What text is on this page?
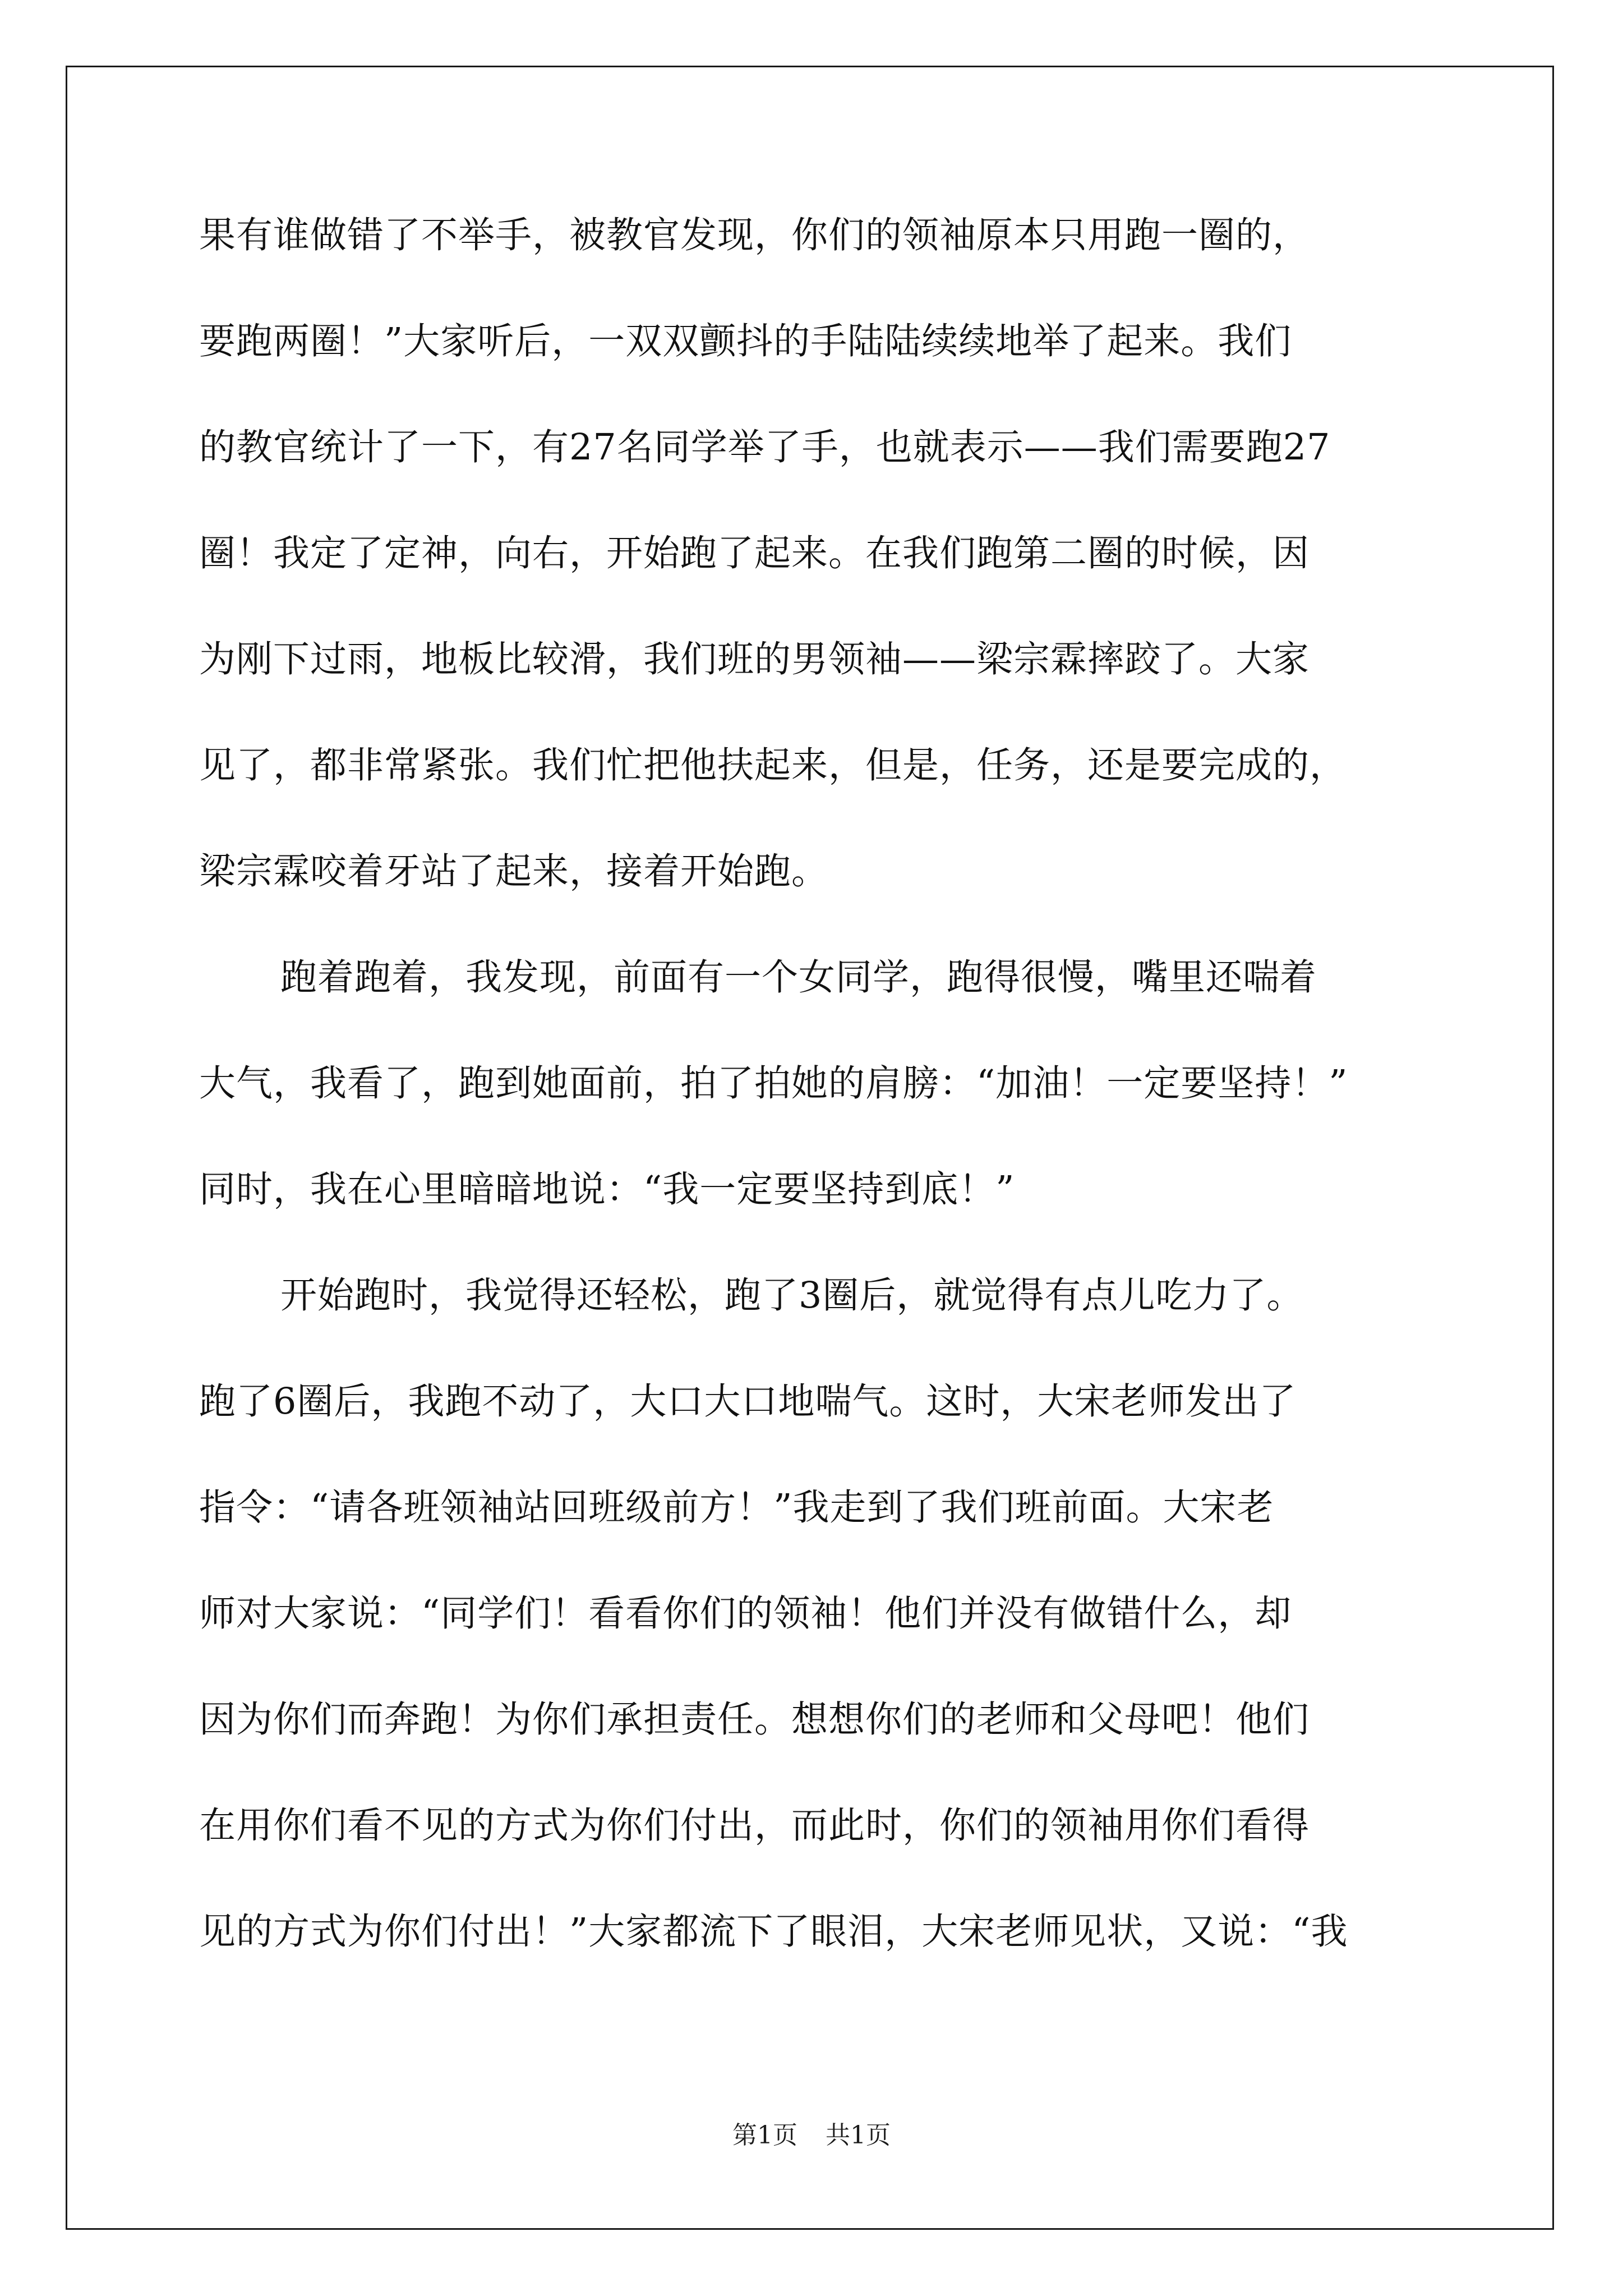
果有谁做错了不举手，被教官发现，你们的领袖原本只用跑一圈的，
要跑两圈！”大家听后，一双双颤抖的手陆陆续续地举了起来。我们
的教官统计了一下，有27名同学举了手，也就表示——我们需要跑27
圈！我定了定神，向右，开始跑了起来。在我们跑第二圈的时候，因
为刚下过雨，地板比较滑，我们班的男领袖——梁宗霖摔跤了。大家
见了，都非常紧张。我们忙把他扶起来，但是，任务，还是要完成的，
梁宗霖咬着牙站了起来，接着开始跑。
跑着跑着，我发现，前面有一个女同学，跑得很慢，嘴里还喘着
大气，我看了，跑到她面前，拍了拍她的肩膀：“加油！一定要坚持！”
同时，我在心里暗暗地说：“我一定要坚持到底！”
开始跑时，我觉得还轻松，跑了3圈后，就觉得有点儿吃力了。
跑了6圈后，我跑不动了，大口大口地喘气。这时，大宋老师发出了
指令：“请各班领袖站回班级前方！”我走到了我们班前面。大宋老
师对大家说：“同学们！看看你们的领袖！他们并没有做错什么，却
因为你们而奔跑！为你们承担责任。想想你们的老师和父母吧！他们
在用你们看不见的方式为你们付出，而此时，你们的领袖用你们看得
见的方式为你们付出！”大家都流下了眼泪，大宋老师见状，又说：“我
第1页 共1页
